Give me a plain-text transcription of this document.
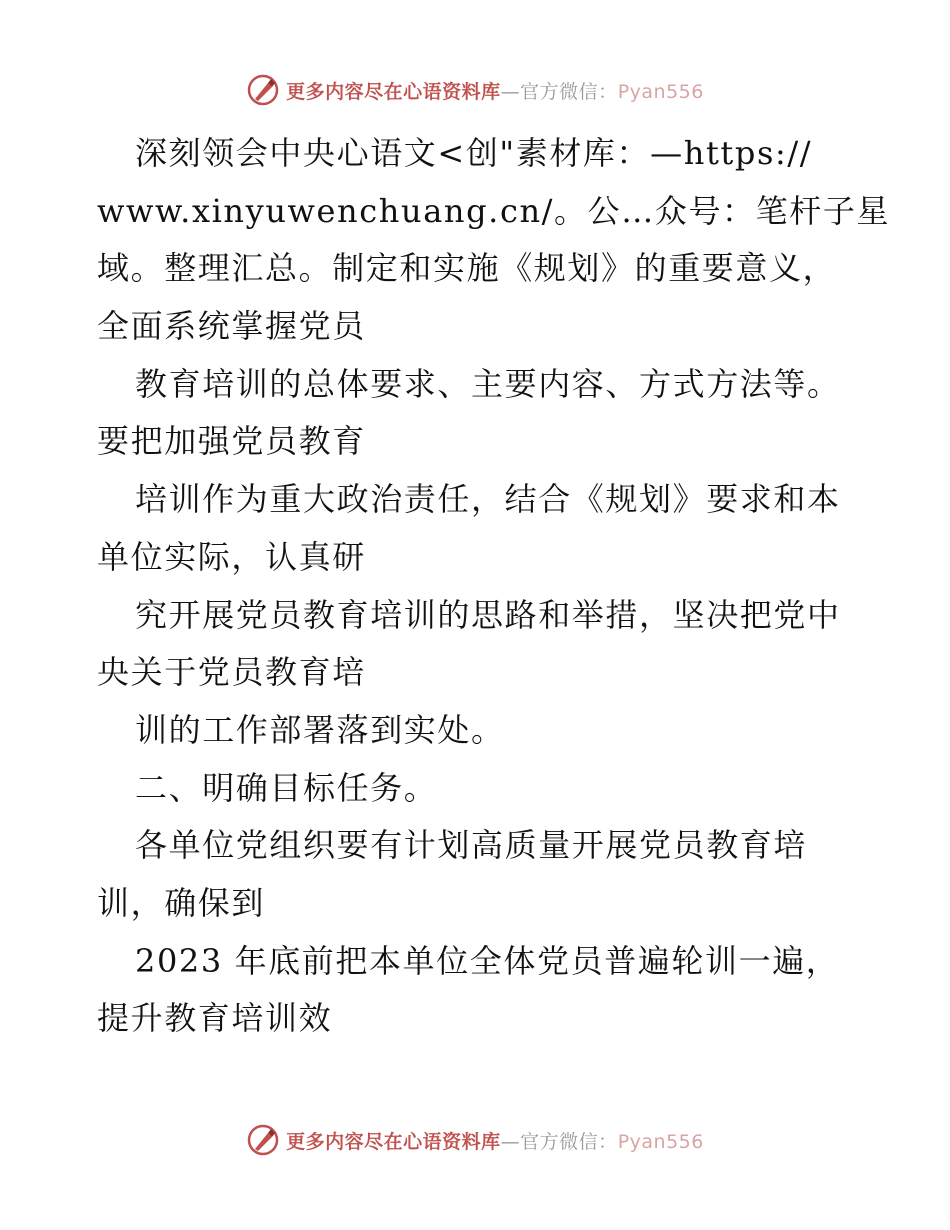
更多内容尽在心语资料库—官方微信：Pyan556
深刻领会中央心语文<创"素材库：—https://
www.xinyuwenchuang.cn/。公…众号：笔杆子星
域。整理汇总。制定和实施《规划》的重要意义，
全面系统掌握党员
教育培训的总体要求、主要内容、方式方法等。
要把加强党员教育
培训作为重大政治责任，结合《规划》要求和本
单位实际，认真研
究开展党员教育培训的思路和举措，坚决把党中
央关于党员教育培
训的工作部署落到实处。
二、明确目标任务。
各单位党组织要有计划高质量开展党员教育培
训，确保到
2023 年底前把本单位全体党员普遍轮训一遍，
提升教育培训效
更多内容尽在心语资料库—官方微信：Pyan556
